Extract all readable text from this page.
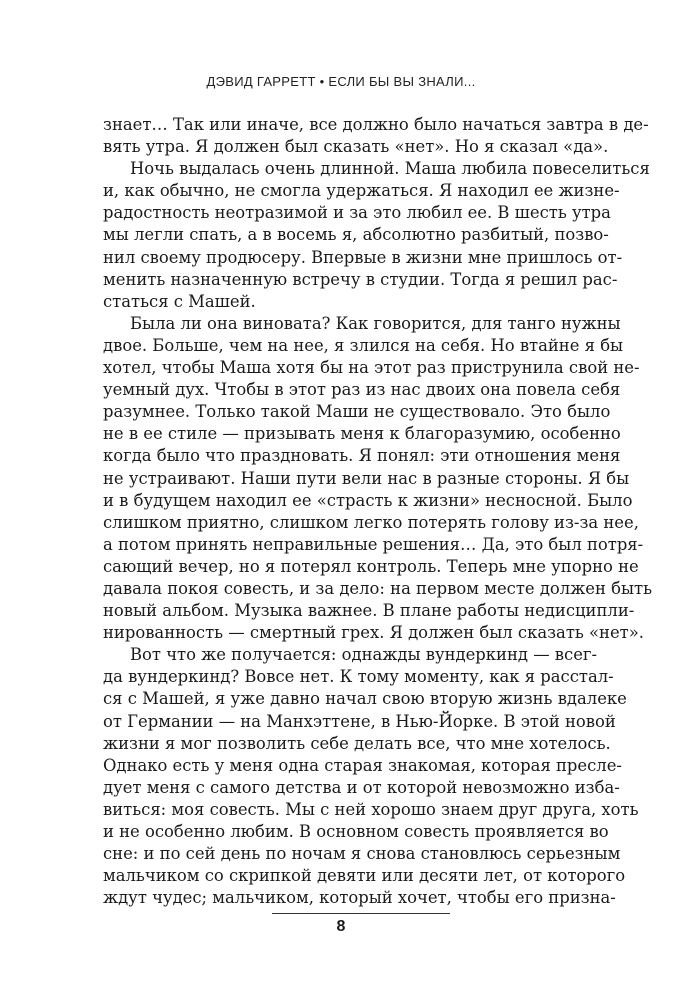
ДЭВИД ГАРРЕТТ • ЕСЛИ БЫ ВЫ ЗНАЛИ...
знает… Так или иначе, все должно было начаться завтра в де-
вять утра. Я должен был сказать «нет». Но я сказал «да».
Ночь выдалась очень длинной. Маша любила повеселиться
и, как обычно, не смогла удержаться. Я находил ее жизне-
радостность неотразимой и за это любил ее. В шесть утра
мы легли спать, а в восемь я, абсолютно разбитый, позво-
нил своему продюсеру. Впервые в жизни мне пришлось от-
менить назначенную встречу в студии. Тогда я решил рас-
статься с Машей.
Была ли она виновата? Как говорится, для танго нужны
двое. Больше, чем на нее, я злился на себя. Но втайне я бы
хотел, чтобы Маша хотя бы на этот раз приструнила свой не-
уемный дух. Чтобы в этот раз из нас двоих она повела себя
разумнее. Только такой Маши не существовало. Это было
не в ее стиле — призывать меня к благоразумию, особенно
когда было что праздновать. Я понял: эти отношения меня
не устраивают. Наши пути вели нас в разные стороны. Я бы
и в будущем находил ее «страсть к жизни» несносной. Было
слишком приятно, слишком легко потерять голову из-за нее,
а потом принять неправильные решения… Да, это был потря-
сающий вечер, но я потерял контроль. Теперь мне упорно не
давала покоя совесть, и за дело: на первом месте должен быть
новый альбом. Музыка важнее. В плане работы недисципли-
нированность — смертный грех. Я должен был сказать «нет».
Вот что же получается: однажды вундеркинд — всег-
да вундеркинд? Вовсе нет. К тому моменту, как я расстал-
ся с Машей, я уже давно начал свою вторую жизнь вдалеке
от Германии — на Манхэттене, в Нью-Йорке. В этой новой
жизни я мог позволить себе делать все, что мне хотелось.
Однако есть у меня одна старая знакомая, которая пресле-
дует меня с самого детства и от которой невозможно изба-
виться: моя совесть. Мы с ней хорошо знаем друг друга, хоть
и не особенно любим. В основном совесть проявляется во
сне: и по сей день по ночам я снова становлюсь серьезным
мальчиком со скрипкой девяти или десяти лет, от которого
ждут чудес; мальчиком, который хочет, чтобы его призна-
8
